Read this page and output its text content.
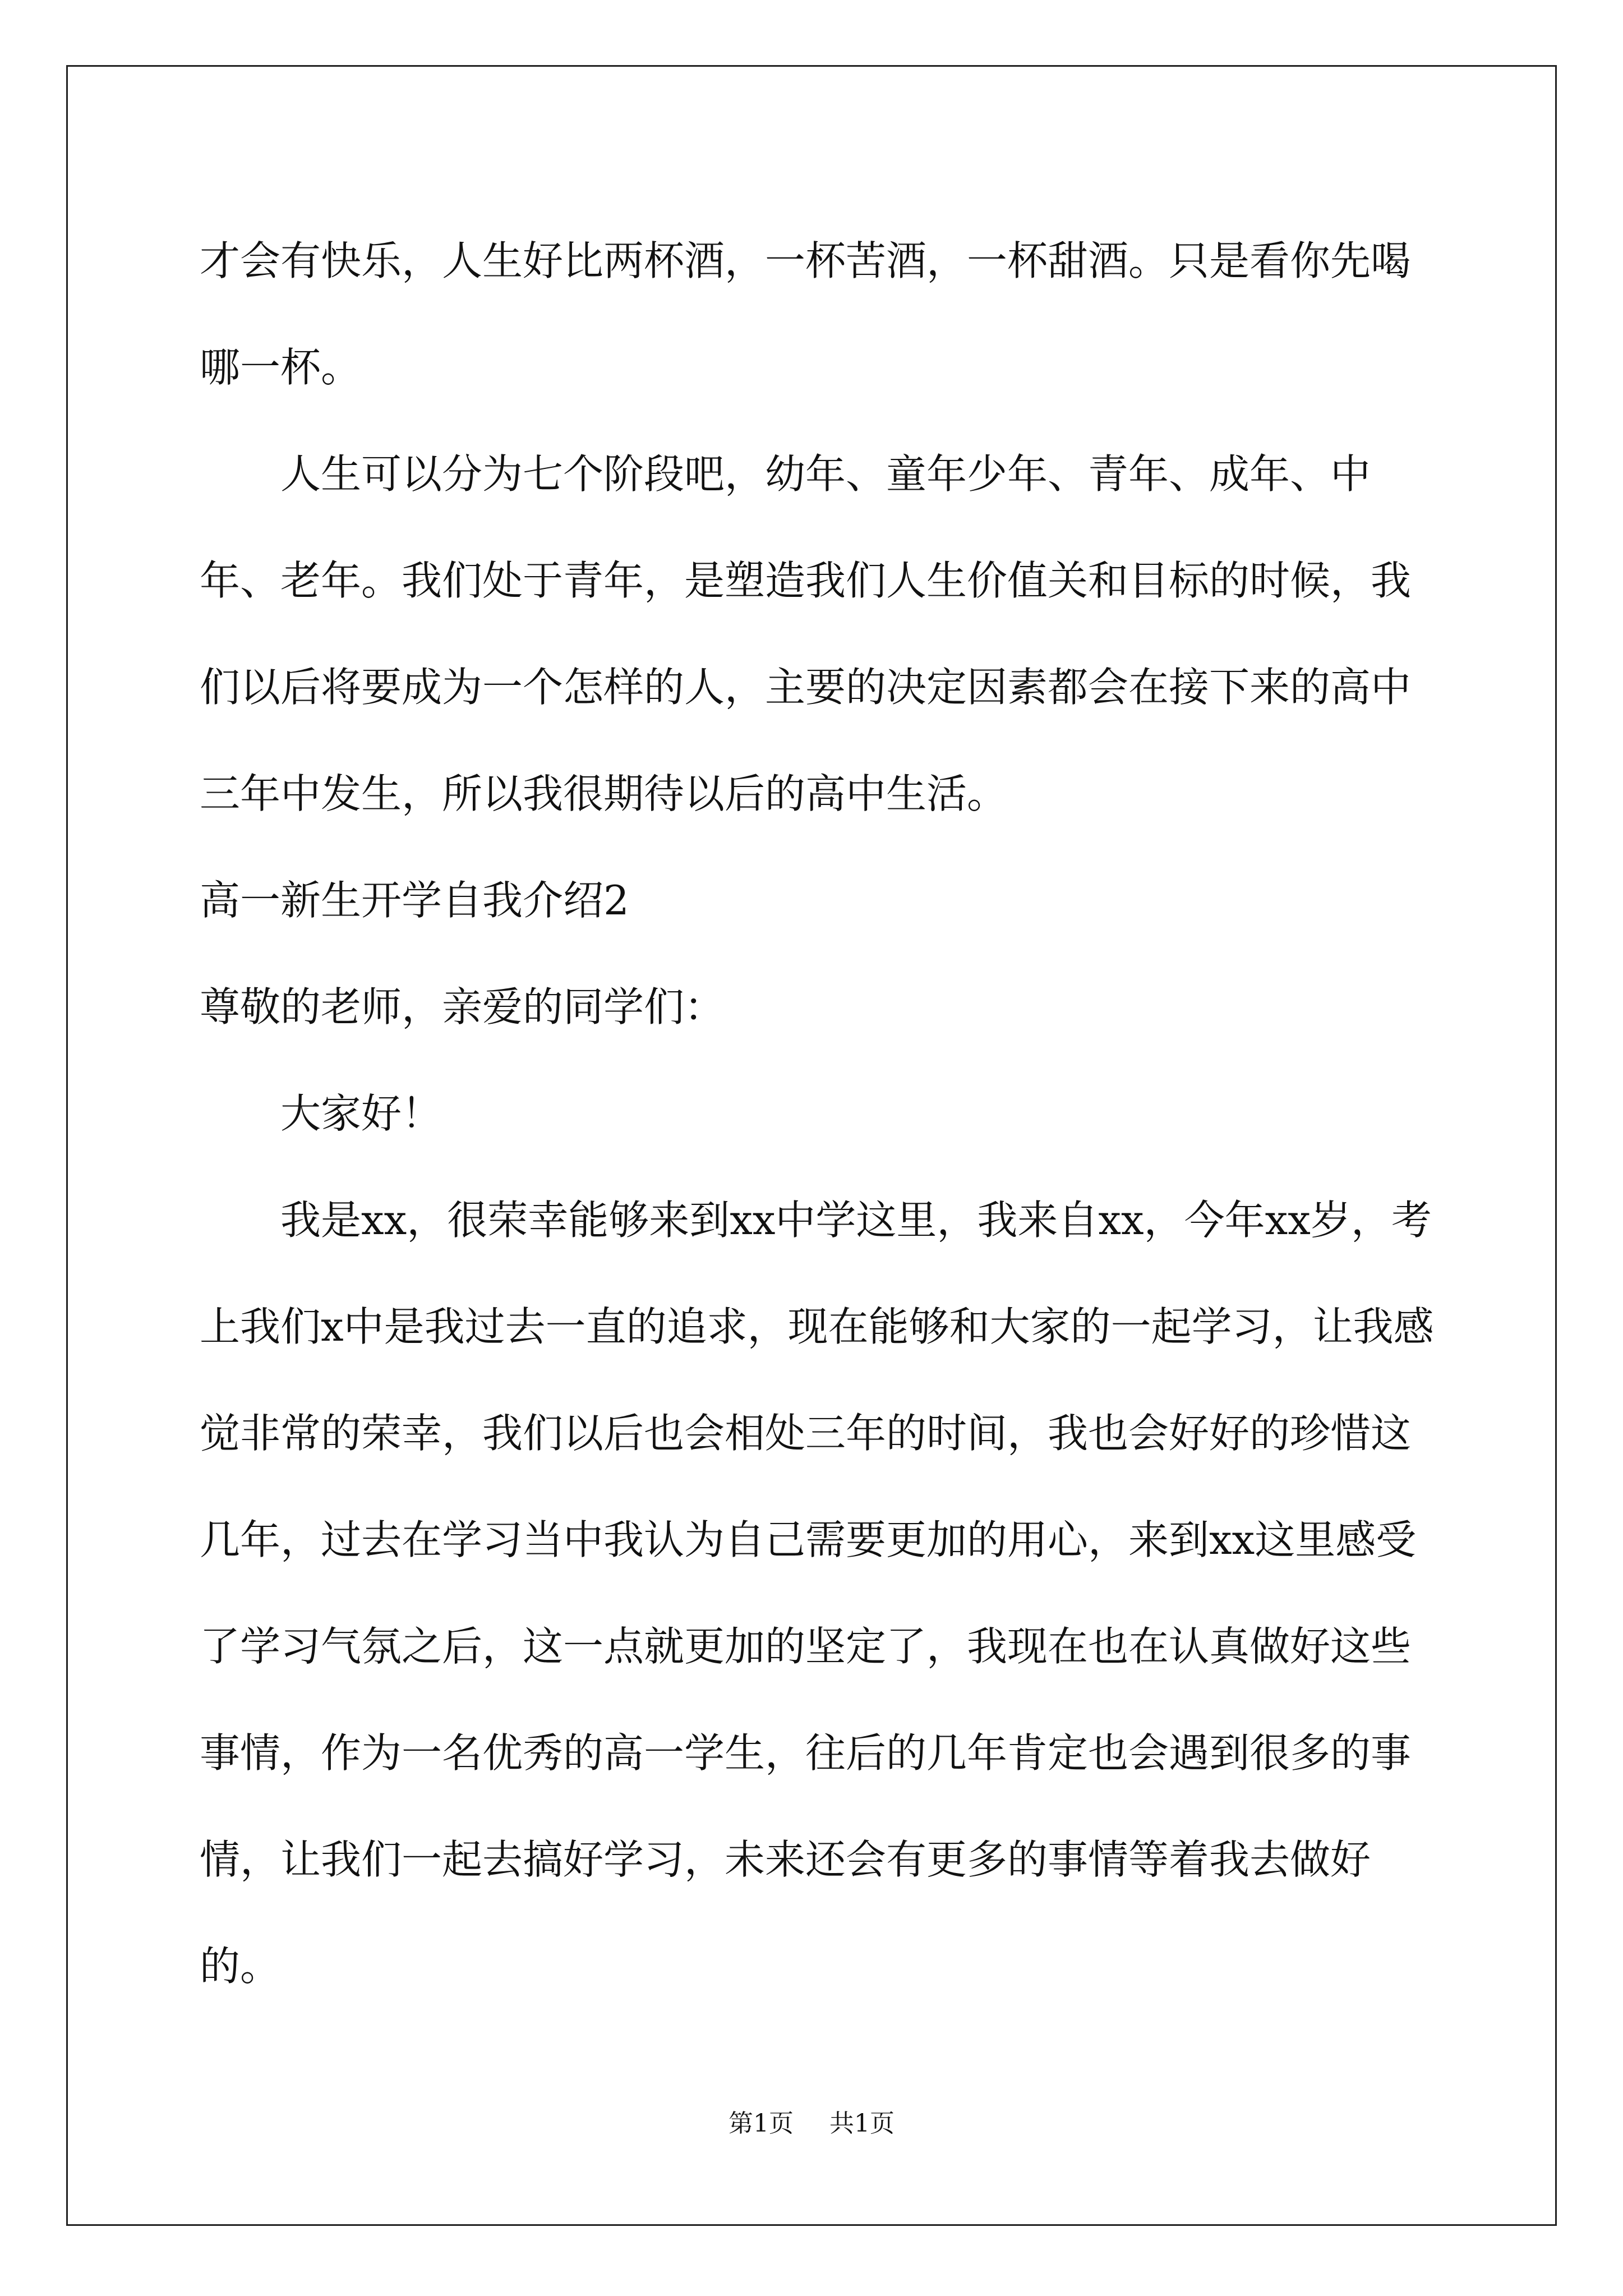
才会有快乐，人生好比两杯酒，一杯苦酒，一杯甜酒。只是看你先喝哪一杯。

人生可以分为七个阶段吧，幼年、童年少年、青年、成年、中年、老年。我们处于青年，是塑造我们人生价值关和目标的时候，我们以后将要成为一个怎样的人，主要的决定因素都会在接下来的高中三年中发生，所以我很期待以后的高中生活。

高一新生开学自我介绍2

尊敬的老师，亲爱的同学们：

大家好！

我是xx，很荣幸能够来到xx中学这里，我来自xx，今年xx岁，考上我们x中是我过去一直的追求，现在能够和大家的一起学习，让我感觉非常的荣幸，我们以后也会相处三年的时间，我也会好好的珍惜这几年，过去在学习当中我认为自己需要更加的用心，来到xx这里感受了学习气氛之后，这一点就更加的坚定了，我现在也在认真做好这些事情，作为一名优秀的高一学生，往后的几年肯定也会遇到很多的事情，让我们一起去搞好学习，未来还会有更多的事情等着我去做好的。

第1页 共1页
